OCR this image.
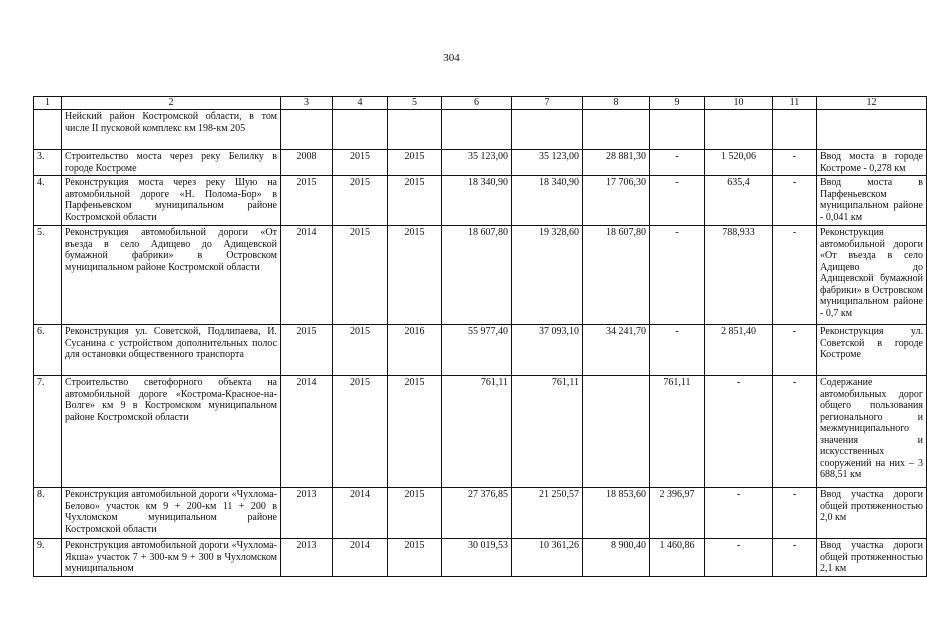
304
1	2	3	4	5	6	7	8	9	10	11	12
	Нейский район Костромской области, в том числе II пусковой комплекс км 198-км 205										
3.	Строительство моста через реку Белилку в городе Костроме	2008	2015	2015	35 123,00	35 123,00	28 881,30	-	1 520,06	-	Ввод моста в городе Костроме - 0,278 км
4.	Реконструкция моста через реку Шую на автомобильной дороге «Н. Поломa-Бор» в Парфеньевском муниципальном районе Костромской области	2015	2015	2015	18 340,90	18 340,90	17 706,30	-	635,4	-	Ввод моста в Парфеньевском муниципальном районе - 0,041 км
5.	Реконструкция автомобильной дороги «От въезда в село Адищево до Адищевской бумажной фабрики» в Островском муниципальном районе Костромской области	2014	2015	2015	18 607,80	19 328,60	18 607,80	-	788,933	-	Реконструкция автомобильной дороги «От въезда в село Адищево до Адищевской бумажной фабрики» в Островском муниципальном районе - 0,7 км
6.	Реконструкция ул. Советской, Подлипаева, И. Сусанина с устройством дополнительных полос для остановки общественного транспорта	2015	2015	2016	55 977,40	37 093,10	34 241,70	-	2 851,40	-	Реконструкция ул. Советской в городе Костроме
7.	Строительство светофорного объекта на автомобильной дороге «Кострома-Красное-на-Волге» км 9 в Костромском муниципальном районе Костромской области	2014	2015	2015	761,11	761,11		761,11	-	-	Содержание автомобильных дорог общего пользования регионального и межмуниципального значения и искусственных сооружений на них – 3 688,51 км
8.	Реконструкция автомобильной дороги «Чухлома-Белово» участок км 9 + 200-км 11 + 200 в Чухломском муниципальном районе Костромской области	2013	2014	2015	27 376,85	21 250,57	18 853,60	2 396,97	-	-	Ввод участка дороги общей протяженностью 2,0 км
9.	Реконструкция автомобильной дороги «Чухлома-Якша» участок 7 + 300-км 9 + 300 в Чухломском муниципальном	2013	2014	2015	30 019,53	10 361,26	8 900,40	1 460,86	-	-	Ввод участка дороги общей протяженностью 2,1 км
